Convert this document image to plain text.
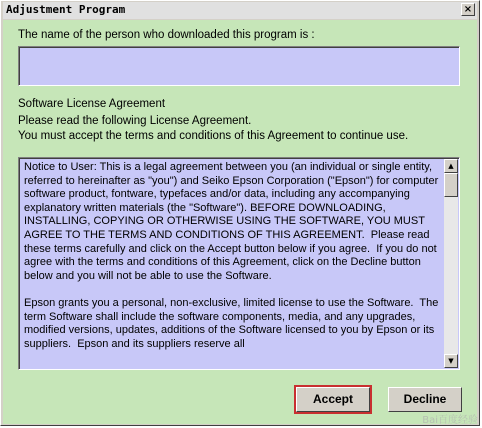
Adjustment Program	×
The name of the person who downloaded this program is :
Software License Agreement
Please read the following License Agreement.
You must accept the terms and conditions of this Agreement to continue use.

Notice to User: This is a legal agreement between you (an individual or single entity, referred to hereinafter as "you") and Seiko Epson Corporation ("Epson") for computer software product, fontware, typefaces and/or data, including any accompanying explanatory written materials (the "Software"). BEFORE DOWNLOADING, INSTALLING, COPYING OR OTHERWISE USING THE SOFTWARE, YOU MUST AGREE TO THE TERMS AND CONDITIONS OF THIS AGREEMENT.  Please read these terms carefully and click on the Accept button below if you agree.  If you do not agree with the terms and conditions of this Agreement, click on the Decline button below and you will not be able to use the Software.

Epson grants you a personal, non-exclusive, limited license to use the Software.  The term Software shall include the software components, media, and any upgrades, modified versions, updates, additions of the Software licensed to you by Epson or its suppliers.  Epson and its suppliers reserve all

▲
▼
Accept	Decline
Bai百度经验
